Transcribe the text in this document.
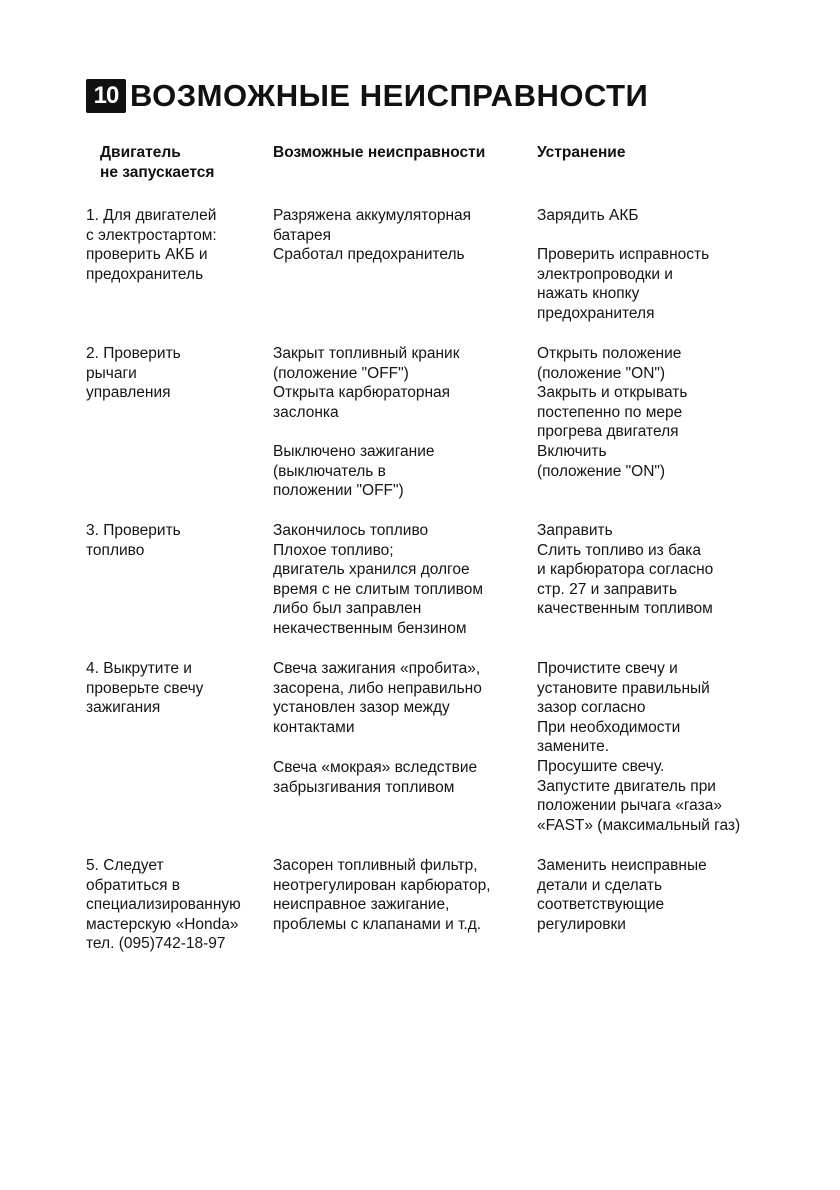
10 ВОЗМОЖНЫЕ НЕИСПРАВНОСТИ
Двигатель
не запускается
Возможные неисправности	Устранение
1. Для двигателей
с электростартом:
проверить АКБ и
предохранитель
Разряжена аккумуляторная
батарея
Сработал предохранитель
Зарядить АКБ
Проверить исправность
электропроводки и
нажать кнопку
предохранителя
2. Проверить
рычаги
управления
Закрыт топливный краник
(положение "OFF")
Открыта карбюраторная
заслонка
Выключено зажигание
(выключатель в
положении "OFF")
Открыть положение
(положение "ON")
Закрыть и открывать
постепенно по мере
прогрева двигателя
Включить
(положение "ON")
3. Проверить
топливо
Закончилось топливо
Плохое топливо;
двигатель хранился долгое
время с не слитым топливом
либо был заправлен
некачественным бензином
Заправить
Слить топливо из бака
и карбюратора согласно
стр. 27 и заправить
качественным топливом
4. Выкрутите и
проверьте свечу
зажигания
Свеча зажигания «пробита»,
засорена, либо неправильно
установлен зазор между
контактами
Свеча «мокрая» вследствие
забрызгивания топливом
Прочистите свечу и
установите правильный
зазор согласно
При необходимости
замените.
Просушите свечу.
Запустите двигатель при
положении рычага «газа»
«FAST» (максимальный газ)
5. Следует
обратиться в
специализированную
мастерскую «Honda»
тел. (095)742-18-97
Засорен топливный фильтр,
неотрегулирован карбюратор,
неисправное зажигание,
проблемы с клапанами и т.д.
Заменить неисправные
детали и сделать
соответствующие
регулировки
